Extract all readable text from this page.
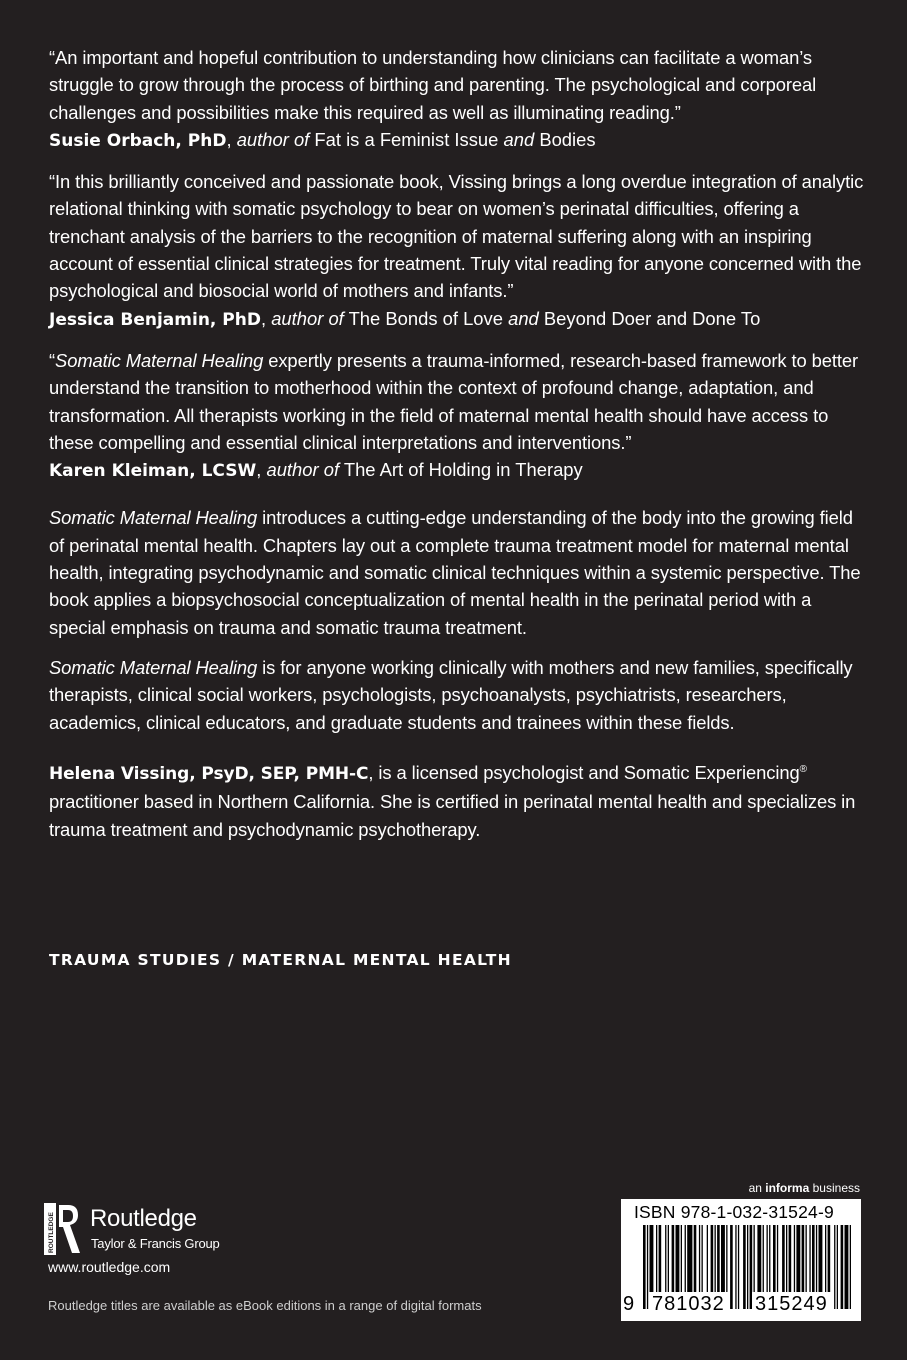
“An important and hopeful contribution to understanding how clinicians can facilitate a woman’s struggle to grow through the process of birthing and parenting. The psychological and corporeal challenges and possibilities make this required as well as illuminating reading.”

Susie Orbach, PhD, author of Fat is a Feminist Issue and Bodies

“In this brilliantly conceived and passionate book, Vissing brings a long overdue integration of analytic relational thinking with somatic psychology to bear on women’s perinatal difficulties, offering a trenchant analysis of the barriers to the recognition of maternal suffering along with an inspiring account of essential clinical strategies for treatment. Truly vital reading for anyone concerned with the psychological and biosocial world of mothers and infants.”

Jessica Benjamin, PhD, author of The Bonds of Love and Beyond Doer and Done To

“Somatic Maternal Healing expertly presents a trauma-informed, research-based framework to better understand the transition to motherhood within the context of profound change, adaptation, and transformation. All therapists working in the field of maternal mental health should have access to these compelling and essential clinical interpretations and interventions.”

Karen Kleiman, LCSW, author of The Art of Holding in Therapy

Somatic Maternal Healing introduces a cutting-edge understanding of the body into the growing field of perinatal mental health. Chapters lay out a complete trauma treatment model for maternal mental health, integrating psychodynamic and somatic clinical techniques within a systemic perspective. The book applies a biopsychosocial conceptualization of mental health in the perinatal period with a special emphasis on trauma and somatic trauma treatment.

Somatic Maternal Healing is for anyone working clinically with mothers and new families, specifically therapists, clinical social workers, psychologists, psychoanalysts, psychiatrists, researchers, academics, clinical educators, and graduate students and trainees within these fields.

Helena Vissing, PsyD, SEP, PMH-C, is a licensed psychologist and Somatic Experiencing® practitioner based in Northern California. She is certified in perinatal mental health and specializes in trauma treatment and psychodynamic psychotherapy.

TRAUMA STUDIES / MATERNAL MENTAL HEALTH
ROUTLEDGE Routledge
Taylor & Francis Group
www.routledge.com
Routledge titles are available as eBook editions in a range of digital formats
an informa business
ISBN 978-1-032-31524-9
9 781032 315249
